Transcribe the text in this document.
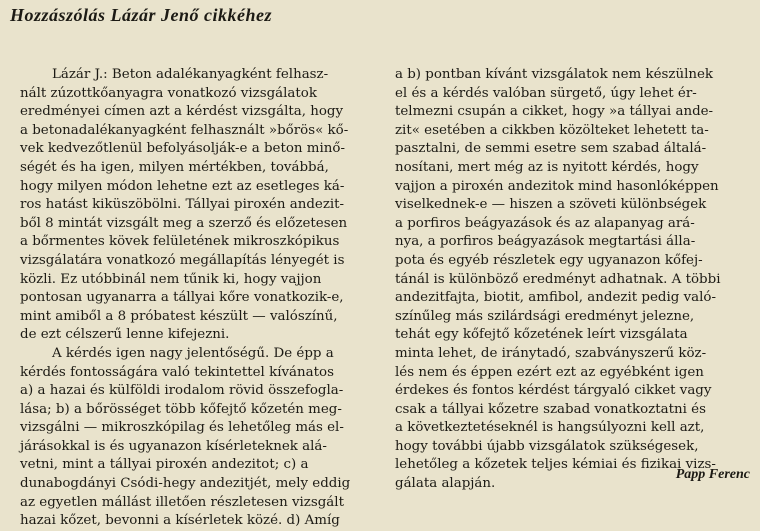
Hozzászólás Lázár Jenő cikkéhez

Lázár J.: Beton adalékanyagként felhasz-
nált zúzottkőanyagra vonatkozó vizsgálatok
eredményei címen azt a kérdést vizsgálta, hogy
a betonadalékanyagként felhasznált »bőrös« kő-
vek kedvezőtlenül befolyásolják-e a beton minő-
ségét és ha igen, milyen mértékben, továbbá,
hogy milyen módon lehetne ezt az esetleges ká-
ros hatást kiküszöbölni. Tállyai piroxén andezit-
ből 8 mintát vizsgált meg a szerző és előzetesen
a bőrmentes kövek felületének mikroszkópikus
vizsgálatára vonatkozó megállapítás lényegét is
közli. Ez utóbbinál nem tűnik ki, hogy vajjon
pontosan ugyanarra a tállyai kőre vonatkozik-e,
mint amiből a 8 próbatest készült — valószínű,
de ezt célszerű lenne kifejezni.

A kérdés igen nagy jelentőségű. De épp a
kérdés fontosságára való tekintettel kívánatos
a) a hazai és külföldi irodalom rövid összefogla-
lása; b) a bőrösséget több kőfejtő kőzetén meg-
vizsgálni — mikroszkópilag és lehetőleg más el-
járásokkal is és ugyanazon kísérleteknek alá-
vetni, mint a tállyai piroxén andezitot; c) a
dunabogdányi Csódi-hegy andezitjét, mely eddig
az egyetlen mállást illetően részletesen vizsgált
hazai kőzet, bevonni a kísérletek közé. d) Amíg

a b) pontban kívánt vizsgálatok nem készülnek
el és a kérdés valóban sürgető, úgy lehet ér-
telmezni csupán a cikket, hogy »a tállyai ande-
zit« esetében a cikkben közölteket lehetett ta-
pasztalni, de semmi esetre sem szabad általá-
nosítani, mert még az is nyitott kérdés, hogy
vajjon a piroxén andezitok mind hasonlóképpen
viselkednek-e — hiszen a szöveti különbségek
a porfiros beágyazások és az alapanyag ará-
nya, a porfiros beágyazások megtartási álla-
pota és egyéb részletek egy ugyanazon kőfej-
tánál is különböző eredményt adhatnak. A többi
andezitfajta, biotit, amfibol, andezit pedig való-
színűleg más szilárdsági eredményt jelezne,
tehát egy kőfejtő kőzetének leírt vizsgálata
minta lehet, de iránytadó, szabványszerű köz-
lés nem és éppen ezért ezt az egyébként igen
érdekes és fontos kérdést tárgyaló cikket vagy
csak a tállyai kőzetre szabad vonatkoztatni és
a következtetéseknél is hangsúlyozni kell azt,
hogy további újabb vizsgálatok szükségesek,
lehetőleg a kőzetek teljes kémiai és fizikai vizs-
gálata alapján.

Papp Ferenc
